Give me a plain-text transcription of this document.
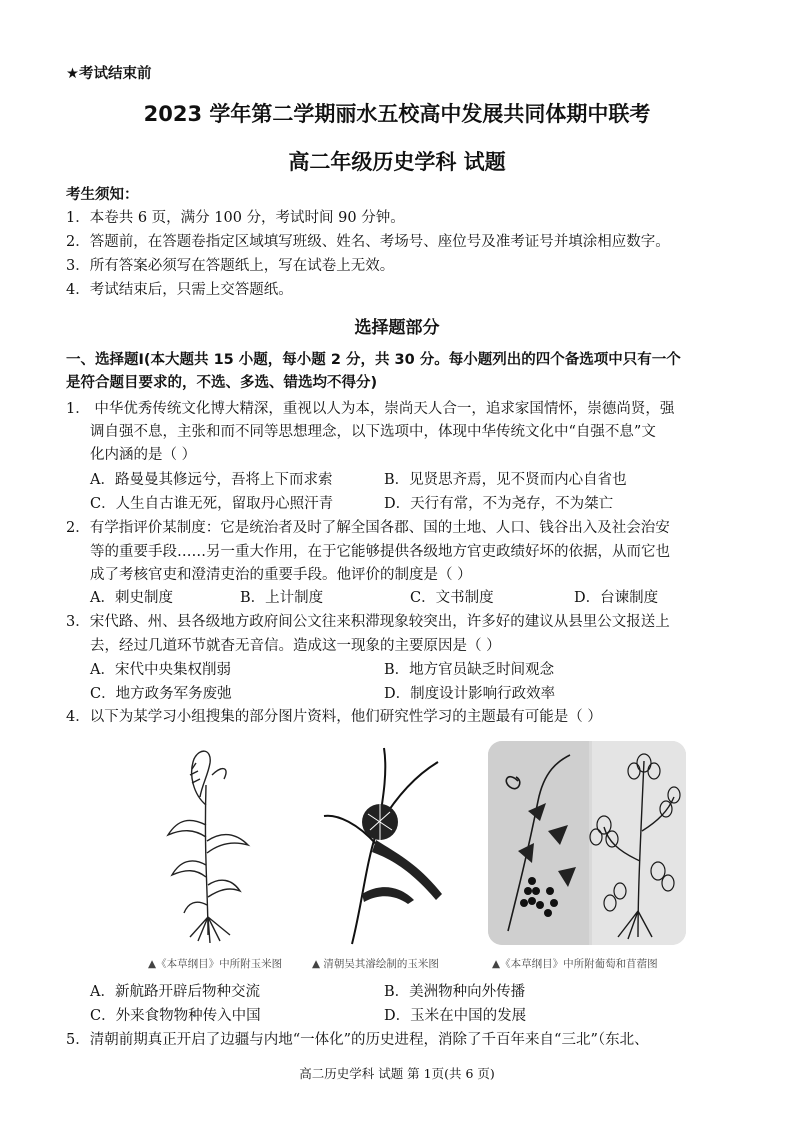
★考试结束前
2023 学年第二学期丽水五校高中发展共同体期中联考
高二年级历史学科 试题
考生须知：
1．本卷共 6 页，满分 100 分，考试时间 90 分钟。
2．答题前，在答题卷指定区域填写班级、姓名、考场号、座位号及准考证号并填涂相应数字。
3．所有答案必须写在答题纸上，写在试卷上无效。
4．考试结束后，只需上交答题纸。
选择题部分
一、选择题Ⅰ(本大题共 15 小题，每小题 2 分，共 30 分。每小题列出的四个备选项中只有一个
是符合题目要求的，不选、多选、错选均不得分)
1． 中华优秀传统文化博大精深，重视以人为本，崇尚天人合一，追求家国情怀，崇德尚贤，强
调自强不息，主张和而不同等思想理念，以下选项中，体现中华传统文化中“自强不息”文
化内涵的是（ ）
A．路曼曼其修远兮，吾将上下而求索	B．见贤思齐焉，见不贤而内心自省也
C．人生自古谁无死，留取丹心照汗青	D．天行有常，不为尧存，不为桀亡
2．有学指评价某制度：它是统治者及时了解全国各郡、国的土地、人口、钱谷出入及社会治安
等的重要手段……另一重大作用，在于它能够提供各级地方官吏政绩好坏的依据，从而它也
成了考核官吏和澄清吏治的重要手段。他评价的制度是（ ）
A．刺史制度	B．上计制度	C．文书制度	D．台谏制度
3．宋代路、州、县各级地方政府间公文往来积滞现象较突出，许多好的建议从县里公文报送上
去，经过几道环节就杳无音信。造成这一现象的主要原因是（ ）
A．宋代中央集权削弱	B．地方官员缺乏时间观念
C．地方政务军务废弛	D．制度设计影响行政效率
4．以下为某学习小组搜集的部分图片资料，他们研究性学习的主题最有可能是（ ）
▲《本草纲目》中所附玉米图	▲ 清朝吴其濬绘制的玉米图	▲《本草纲目》中所附葡萄和苜蓿图
A．新航路开辟后物种交流	B．美洲物种向外传播
C．外来食物物种传入中国	D．玉米在中国的发展
5．清朝前期真正开启了边疆与内地“一体化”的历史进程，消除了千百年来自“三北”（东北、
高二历史学科 试题 第 1页(共 6 页)
